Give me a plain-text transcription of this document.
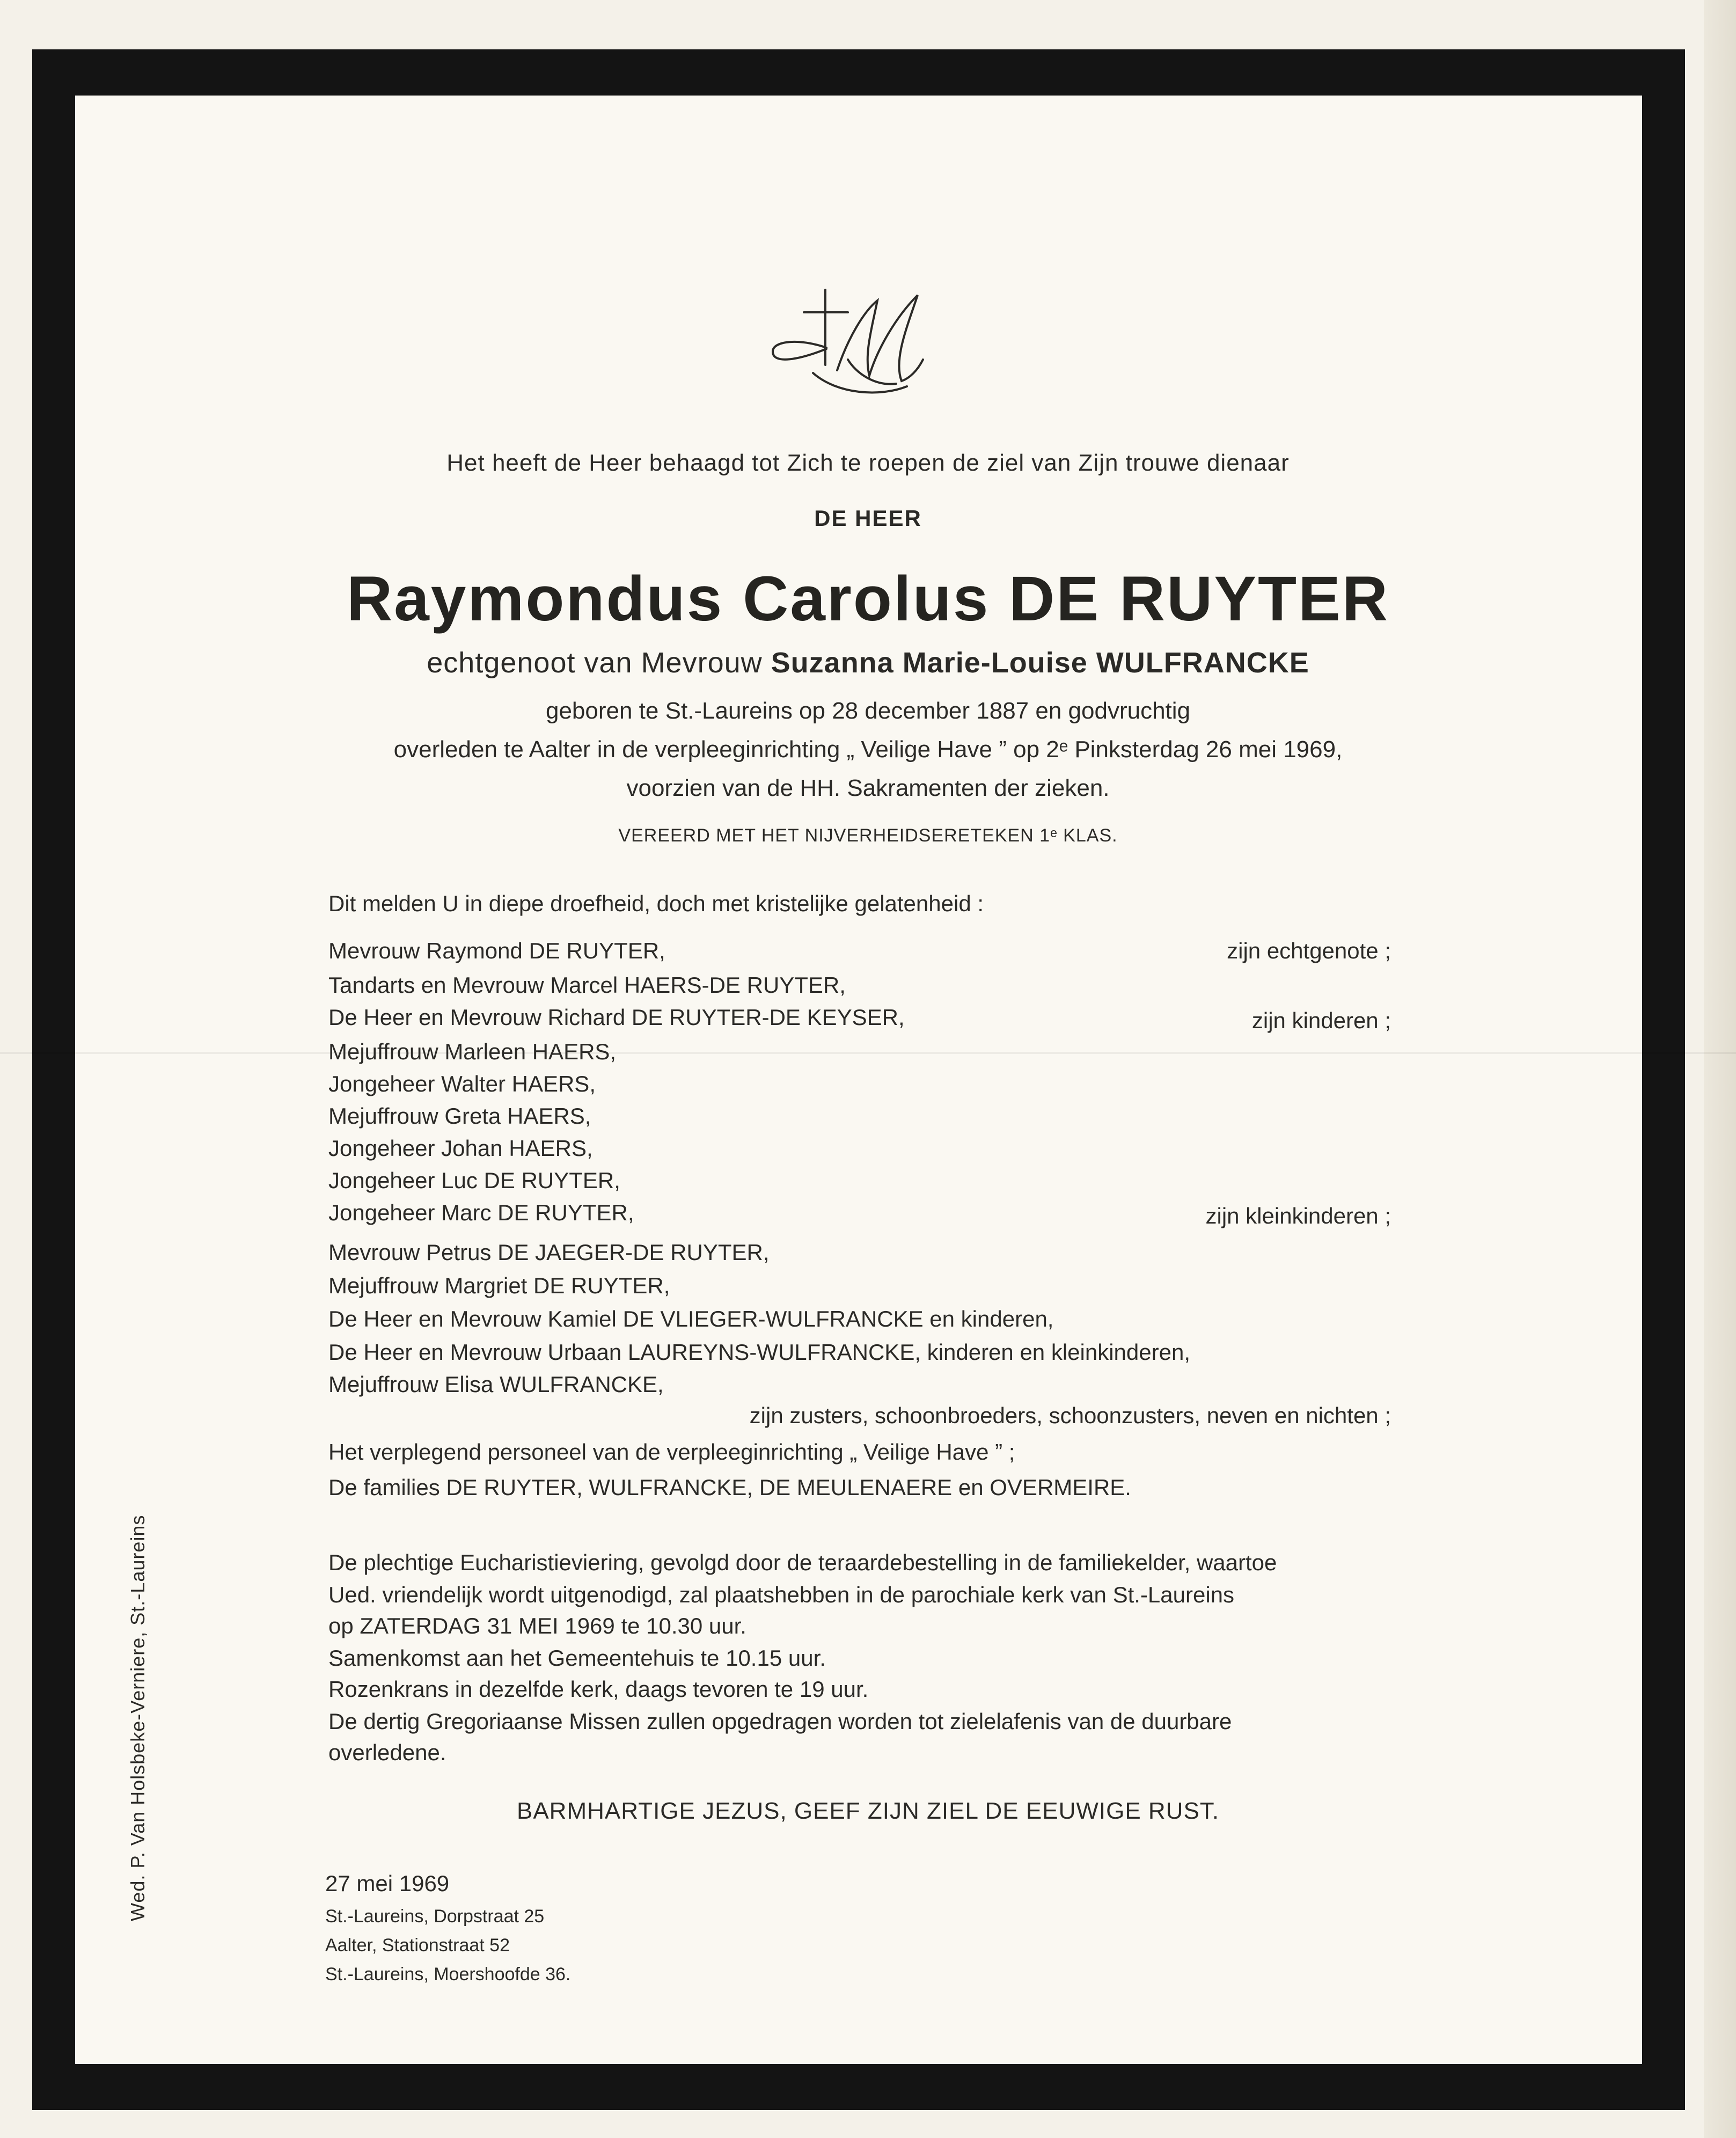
Het heeft de Heer behaagd tot Zich te roepen de ziel van Zijn trouwe dienaar
DE HEER
Raymondus Carolus DE RUYTER
echtgenoot van Mevrouw Suzanna Marie-Louise WULFRANCKE
geboren te St.-Laureins op 28 december 1887 en godvruchtig
overleden te Aalter in de verpleeginrichting „ Veilige Have ” op 2ᵉ Pinksterdag 26 mei 1969,
voorzien van de HH. Sakramenten der zieken.
VEREERD MET HET NIJVERHEIDSERETEKEN 1ᵉ KLAS.
Dit melden U in diepe droefheid, doch met kristelijke gelatenheid :
Mevrouw Raymond DE RUYTER,	zijn echtgenote ;
Tandarts en Mevrouw Marcel HAERS-DE RUYTER,
De Heer en Mevrouw Richard DE RUYTER-DE KEYSER,	zijn kinderen ;
Mejuffrouw Marleen HAERS,
Jongeheer Walter HAERS,
Mejuffrouw Greta HAERS,
Jongeheer Johan HAERS,
Jongeheer Luc DE RUYTER,
Jongeheer Marc DE RUYTER,	zijn kleinkinderen ;
Mevrouw Petrus DE JAEGER-DE RUYTER,
Mejuffrouw Margriet DE RUYTER,
De Heer en Mevrouw Kamiel DE VLIEGER-WULFRANCKE en kinderen,
De Heer en Mevrouw Urbaan LAUREYNS-WULFRANCKE, kinderen en kleinkinderen,
Mejuffrouw Elisa WULFRANCKE,
zijn zusters, schoonbroeders, schoonzusters, neven en nichten ;
Het verplegend personeel van de verpleeginrichting „ Veilige Have ” ;
De families DE RUYTER, WULFRANCKE, DE MEULENAERE en OVERMEIRE.
De plechtige Eucharistieviering, gevolgd door de teraardebestelling in de familiekelder, waartoe
Ued. vriendelijk wordt uitgenodigd, zal plaatshebben in de parochiale kerk van St.-Laureins
op ZATERDAG 31 MEI 1969 te 10.30 uur.
Samenkomst aan het Gemeentehuis te 10.15 uur.
Rozenkrans in dezelfde kerk, daags tevoren te 19 uur.
De dertig Gregoriaanse Missen zullen opgedragen worden tot zielelafenis van de duurbare
overledene.
BARMHARTIGE JEZUS, GEEF ZIJN ZIEL DE EEUWIGE RUST.
27 mei 1969
St.-Laureins, Dorpstraat 25
Aalter, Stationstraat 52
St.-Laureins, Moershoofde 36.
Wed. P. Van Holsbeke-Verniere, St.-Laureins
